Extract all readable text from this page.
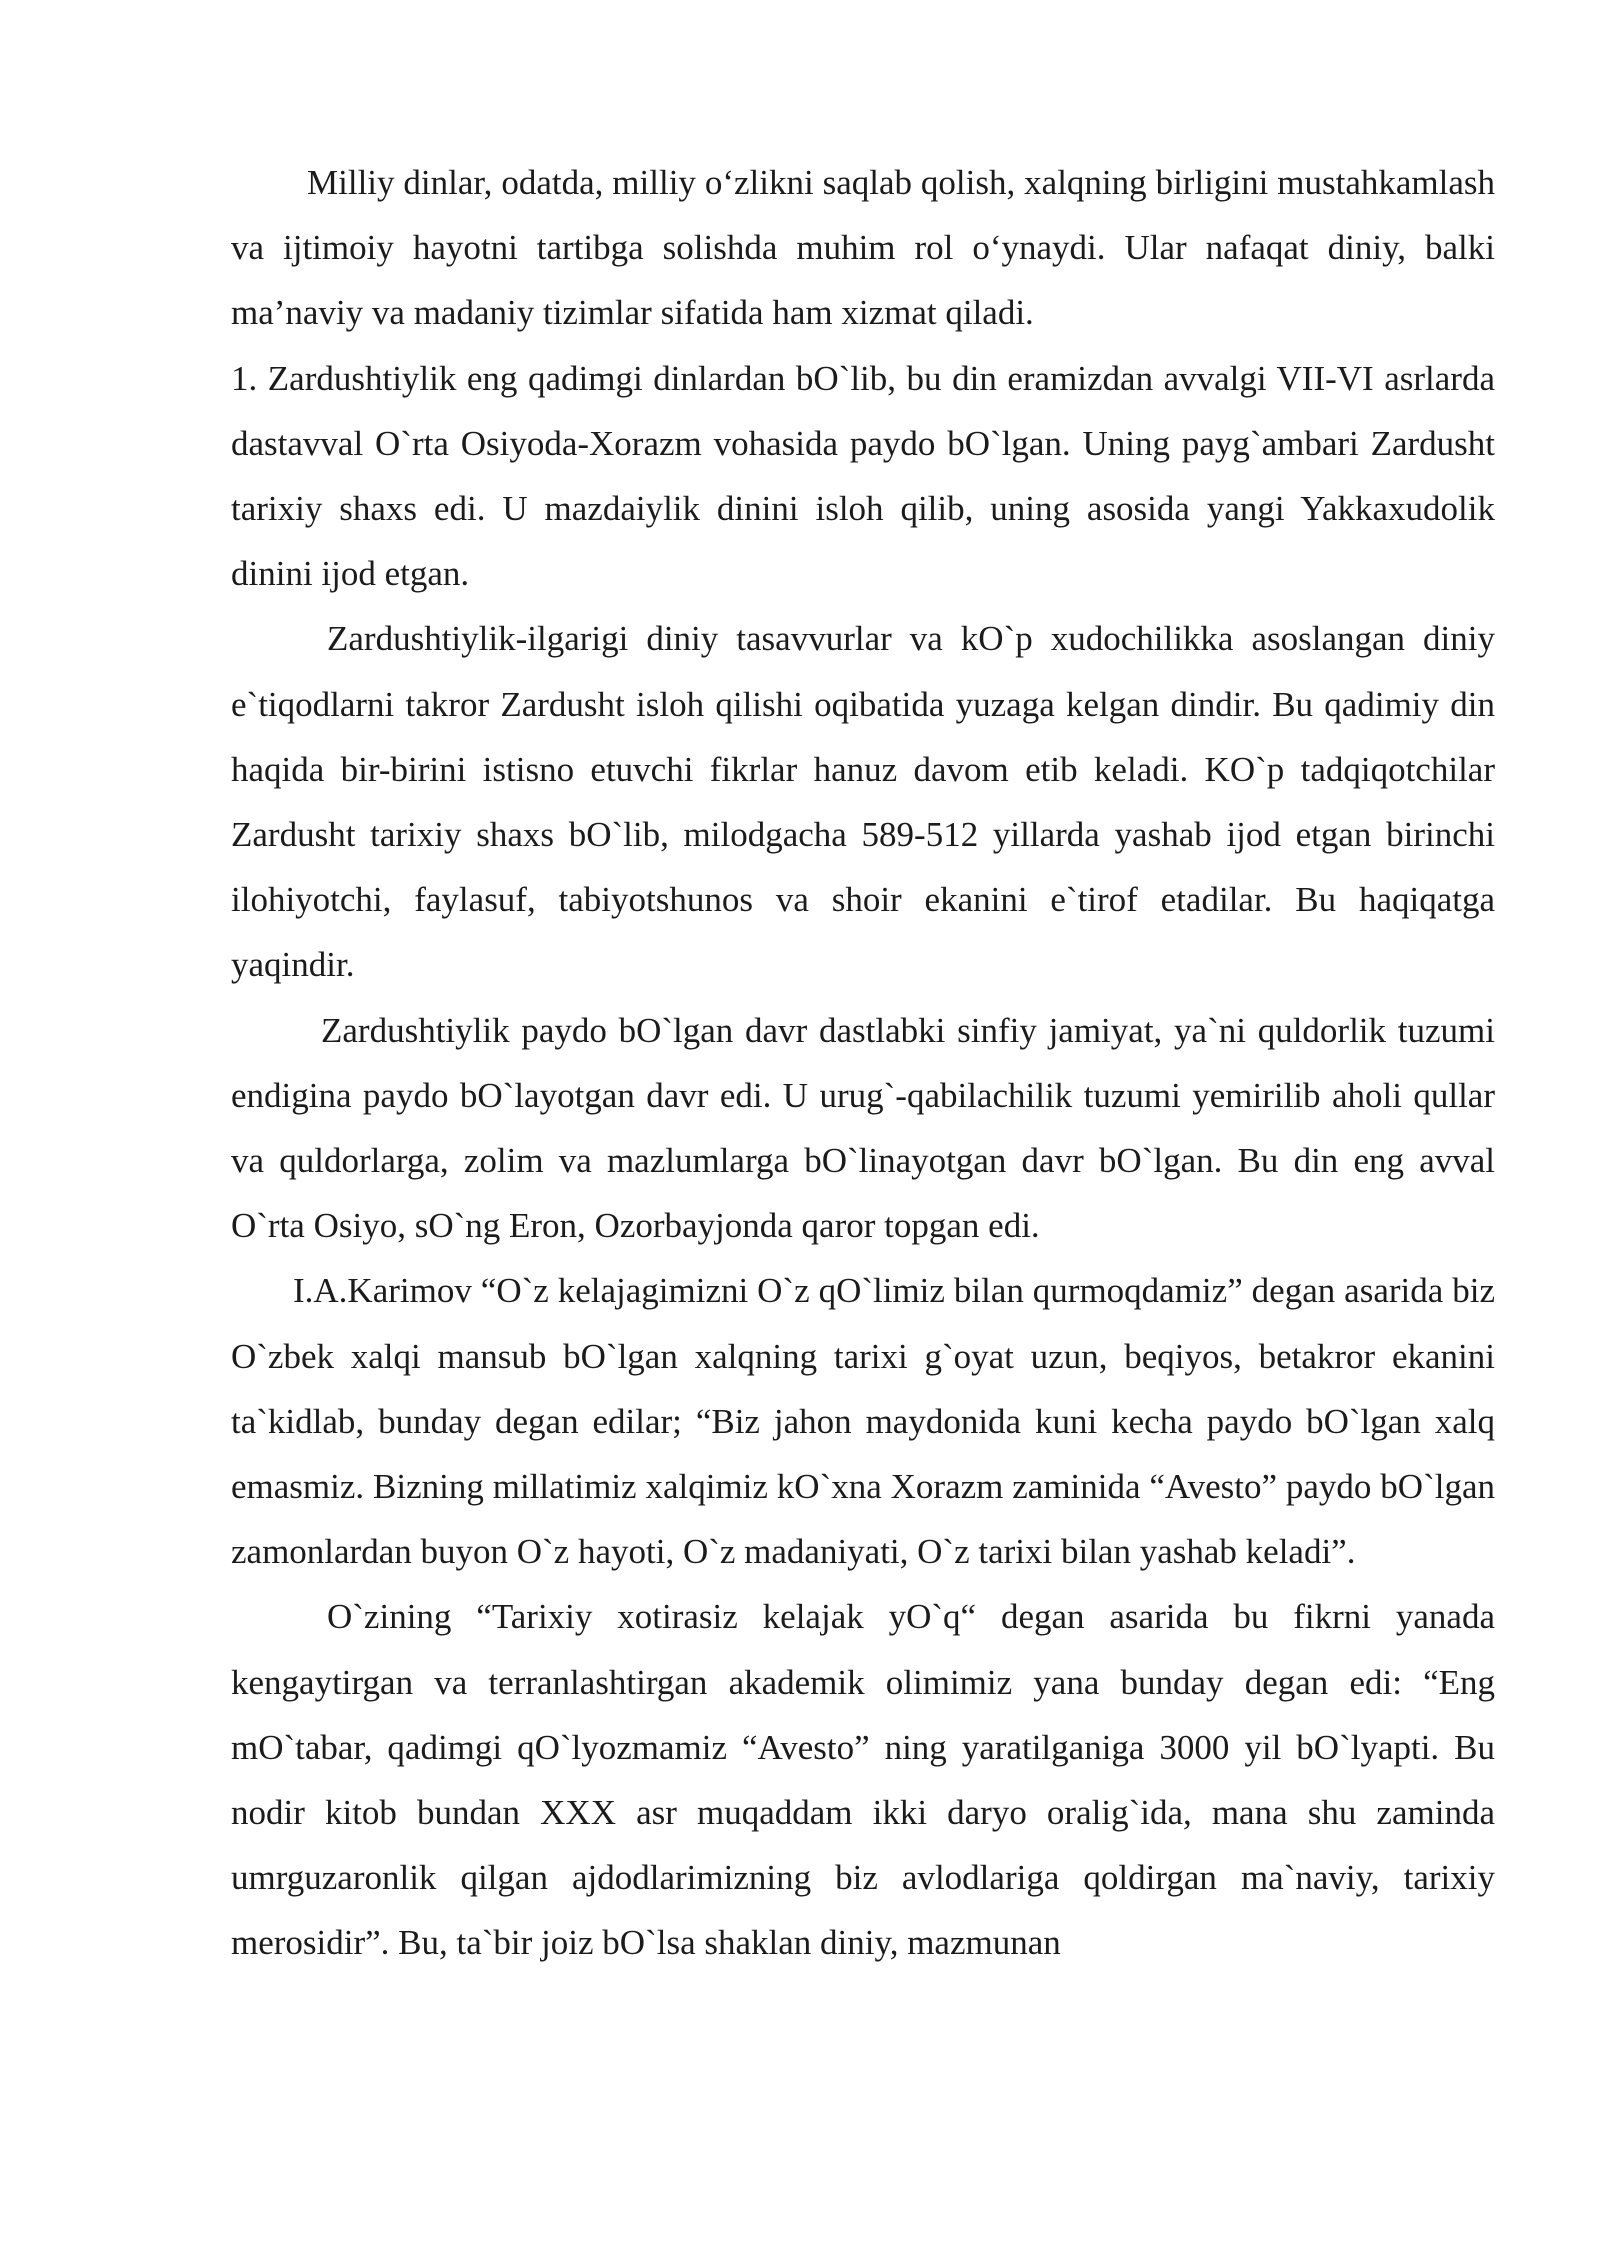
Milliy dinlar, odatda, milliy o‘zlikni saqlab qolish, xalqning birligini mustahkamlash va ijtimoiy hayotni tartibga solishda muhim rol o‘ynaydi. Ular nafaqat diniy, balki ma’naviy va madaniy tizimlar sifatida ham xizmat qiladi.

1. Zardushtiylik eng qadimgi dinlardan bO`lib, bu din eramizdan avvalgi VII-VI asrlarda dastavval O`rta Osiyoda-Xorazm vohasida paydo bO`lgan. Uning payg`ambari Zardusht tarixiy shaxs edi. U mazdaiylik dinini isloh qilib, uning asosida yangi Yakkaxudolik dinini ijod etgan.

Zardushtiylik-ilgarigi diniy tasavvurlar va kO`p xudochilikka asoslangan diniy e`tiqodlarni takror Zardusht isloh qilishi oqibatida yuzaga kelgan dindir. Bu qadimiy din haqida bir-birini istisno etuvchi fikrlar hanuz davom etib keladi. KO`p tadqiqotchilar Zardusht tarixiy shaxs bO`lib, milodgacha 589-512 yillarda yashab ijod etgan birinchi ilohiyotchi, faylasuf, tabiyotshunos va shoir ekanini e`tirof etadilar. Bu haqiqatga yaqindir.

Zardushtiylik paydo bO`lgan davr dastlabki sinfiy jamiyat, ya`ni quldorlik tuzumi endigina paydo bO`layotgan davr edi. U urug`-qabilachilik tuzumi yemirilib aholi qullar va quldorlarga, zolim va mazlumlarga bO`linayotgan davr bO`lgan. Bu din eng avval O`rta Osiyo, sO`ng Eron, Ozorbayjonda qaror topgan edi.

I.A.Karimov “O`z kelajagimizni O`z qO`limiz bilan qurmoqdamiz” degan asarida biz O`zbek xalqi mansub bO`lgan xalqning tarixi g`oyat uzun, beqiyos, betakror ekanini ta`kidlab, bunday degan edilar; “Biz jahon maydonida kuni kecha paydo bO`lgan xalq emasmiz. Bizning millatimiz xalqimiz kO`xna Xorazm zaminida “Avesto” paydo bO`lgan zamonlardan buyon O`z hayoti, O`z madaniyati, O`z tarixi bilan yashab keladi”.

O`zining “Tarixiy xotirasiz kelajak yO`q“ degan asarida bu fikrni yanada kengaytirgan va terranlashtirgan akademik olimimiz yana bunday degan edi: “Eng mO`tabar, qadimgi qO`lyozmamiz “Avesto” ning yaratilganiga 3000 yil bO`lyapti. Bu nodir kitob bundan XXX asr muqaddam ikki daryo oralig`ida, mana shu zaminda umrguzaronlik qilgan ajdodlarimizning biz avlodlariga qoldirgan ma`naviy, tarixiy merosidir”. Bu, ta`bir joiz bO`lsa shaklan diniy, mazmunan
